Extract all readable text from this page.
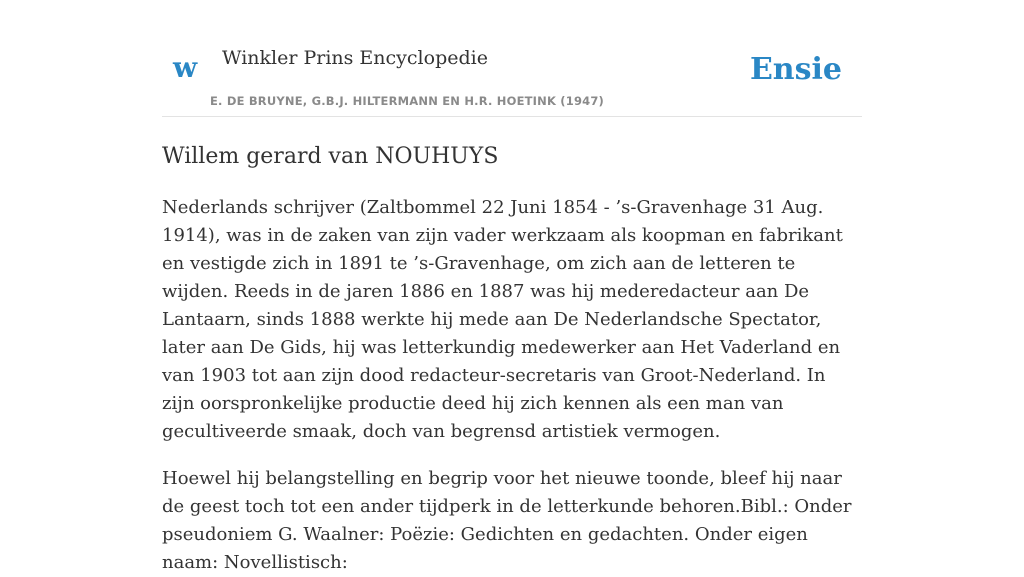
w Winkler Prins Encyclopedie
E. DE BRUYNE, G.B.J. HILTERMANN EN H.R. HOETINK (1947)
Ensie
Willem gerard van NOUHUYS

Nederlands schrijver (Zaltbommel 22 Juni 1854 - ’s-Gravenhage 31 Aug. 1914), was in de zaken van zijn vader werkzaam als koopman en fabrikant en vestigde zich in 1891 te ’s-Gravenhage, om zich aan de letteren te wijden. Reeds in de jaren 1886 en 1887 was hij mederedacteur aan De Lantaarn, sinds 1888 werkte hij mede aan De Nederlandsche Spectator, later aan De Gids, hij was letterkundig medewerker aan Het Vaderland en van 1903 tot aan zijn dood redacteur-secretaris van Groot-Nederland. In zijn oorspronkelijke productie deed hij zich kennen als een man van gecultiveerde smaak, doch van begrensd artistiek vermogen.

Hoewel hij belangstelling en begrip voor het nieuwe toonde, bleef hij naar de geest toch tot een ander tijdperk in de letterkunde behoren.Bibl.: Onder pseudoniem G. Waalner: Poëzie: Gedichten en gedachten. Onder eigen naam: Novellistisch:
